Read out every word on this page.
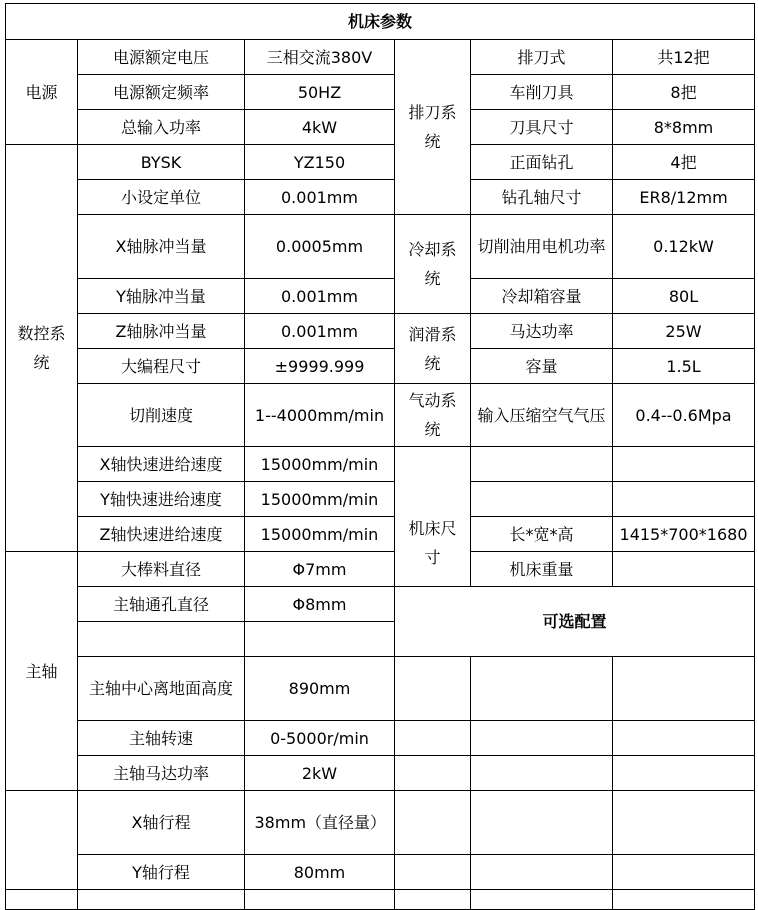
机床参数					
电源	电源额定电压	三相交流380V	排刀系统	排刀式	共12把
	电源额定频率	50HZ		车削刀具	8把
	总输入功率	4kW		刀具尺寸	8*8mm
数控系统	BYSK	YZ150		正面钻孔	4把
	小设定单位	0.001mm		钻孔轴尺寸	ER8/12mm
	X轴脉冲当量	0.0005mm	冷却系统	切削油用电机功率	0.12kW
	Y轴脉冲当量	0.001mm		冷却箱容量	80L
	Z轴脉冲当量	0.001mm	润滑系统	马达功率	25W
	大编程尺寸	±9999.999		容量	1.5L
	切削速度	1--4000mm/min	气动系统	输入压缩空气气压	0.4--0.6Mpa
	X轴快速进给速度	15000mm/min	机床尺寸		
	Y轴快速进给速度	15000mm/min			
	Z轴快速进给速度	15000mm/min		长*宽*高	1415*700*1680
主轴	大棒料直径	Φ7mm		机床重量	
	主轴通孔直径	Φ8mm	可选配置		

	主轴中心离地面高度	890mm			
	主轴转速	0-5000r/min			
	主轴马达功率	2kW			
	X轴行程	38mm（直径量）			
	Y轴行程	80mm			
